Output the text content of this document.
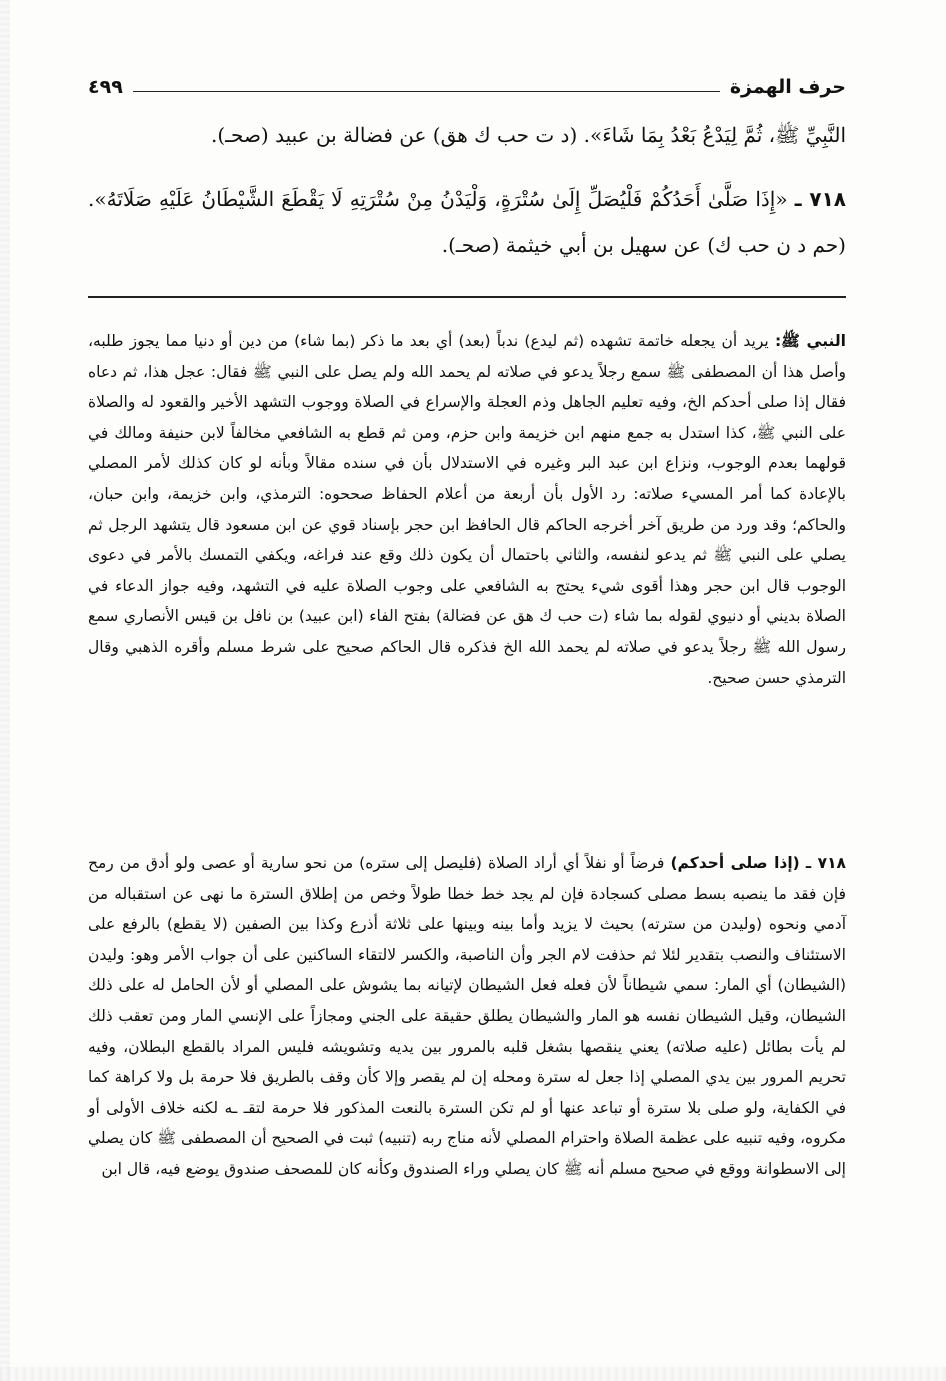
حرف الهمزة
٤٩٩
النَّبِيِّ ﷺ، ثُمَّ لِيَدْعُ بَعْدُ بِمَا شَاءَ». (د ت حب ك هق) عن فضالة بن عبيد (صحـ).
٧١٨ ـ «إِذَا صَلَّىٰ أَحَدُكُمْ فَلْيُصَلِّ إِلَىٰ سُتْرَةٍ، وَلْيَدْنُ مِنْ سُتْرَتِهِ لَا يَقْطَعَ الشَّيْطَانُ عَلَيْهِ صَلَاتَهُ». (حم د ن حب ك) عن سهيل بن أبي خيثمة (صحـ).
النبي ﷺ: يريد أن يجعله خاتمة تشهده (ثم ليدع) ندباً (بعد) أي بعد ما ذكر (بما شاء) من دين أو دنيا مما يجوز طلبه، وأصل هذا أن المصطفى ﷺ سمع رجلاً يدعو في صلاته لم يحمد الله ولم يصل على النبي ﷺ فقال: عجل هذا، ثم دعاه فقال إذا صلى أحدكم الخ، وفيه تعليم الجاهل وذم العجلة والإسراع في الصلاة ووجوب التشهد الأخير والقعود له والصلاة على النبي ﷺ، كذا استدل به جمع منهم ابن خزيمة وابن حزم، ومن ثم قطع به الشافعي مخالفاً لابن حنيفة ومالك في قولهما بعدم الوجوب، ونزاع ابن عبد البر وغيره في الاستدلال بأن في سنده مقالاً وبأنه لو كان كذلك لأمر المصلي بالإعادة كما أمر المسيء صلاته: رد الأول بأن أربعة من أعلام الحفاظ صححوه: الترمذي، وابن خزيمة، وابن حبان، والحاكم؛ وقد ورد من طريق آخر أخرجه الحاكم قال الحافظ ابن حجر بإسناد قوي عن ابن مسعود قال يتشهد الرجل ثم يصلي على النبي ﷺ ثم يدعو لنفسه، والثاني باحتمال أن يكون ذلك وقع عند فراغه، ويكفي التمسك بالأمر في دعوى الوجوب قال ابن حجر وهذا أقوى شيء يحتج به الشافعي على وجوب الصلاة عليه في التشهد، وفيه جواز الدعاء في الصلاة بديني أو دنيوي لقوله بما شاء (ت حب ك هق عن فضالة) بفتح الفاء (ابن عبيد) بن نافل بن قيس الأنصاري سمع رسول الله ﷺ رجلاً يدعو في صلاته لم يحمد الله الخ فذكره قال الحاكم صحيح على شرط مسلم وأقره الذهبي وقال الترمذي حسن صحيح.
٧١٨ ـ (إذا صلى أحدكم) فرضاً أو نفلاً أي أراد الصلاة (فليصل إلى ستره) من نحو سارية أو عصى ولو أدق من رمح فإن فقد ما ينصبه بسط مصلى كسجادة فإن لم يجد خط خطا طولاً وخص من إطلاق السترة ما نهى عن استقباله من آدمي ونحوه (وليدن من سترته) بحيث لا يزيد وأما بينه وبينها على ثلاثة أذرع وكذا بين الصفين (لا يقطع) بالرفع على الاستئناف والنصب بتقدير لئلا ثم حذفت لام الجر وأن الناصبة، والكسر لالتقاء الساكنين على أن جواب الأمر وهو: وليدن (الشيطان) أي المار: سمي شيطاناً لأن فعله فعل الشيطان لإتيانه بما يشوش على المصلي أو لأن الحامل له على ذلك الشيطان، وقيل الشيطان نفسه هو المار والشيطان يطلق حقيقة على الجني ومجازاً على الإنسي المار ومن تعقب ذلك لم يأت بطائل (عليه صلاته) يعني ينقصها بشغل قلبه بالمرور بين يديه وتشويشه فليس المراد بالقطع البطلان، وفيه تحريم المرور بين يدي المصلي إذا جعل له سترة ومحله إن لم يقصر وإلا كأن وقف بالطريق فلا حرمة بل ولا كراهة كما في الكفاية، ولو صلى بلا سترة أو تباعد عنها أو لم تكن السترة بالنعت المذكور فلا حرمة لتقـ ـه لكنه خلاف الأولى أو مكروه، وفيه تنبيه على عظمة الصلاة واحترام المصلي لأنه مناج ربه (تنبيه) ثبت في الصحيح أن المصطفى ﷺ كان يصلي إلى الاسطوانة ووقع في صحيح مسلم أنه ﷺ كان يصلي وراء الصندوق وكأنه كان للمصحف صندوق يوضع فيه، قال ابن
